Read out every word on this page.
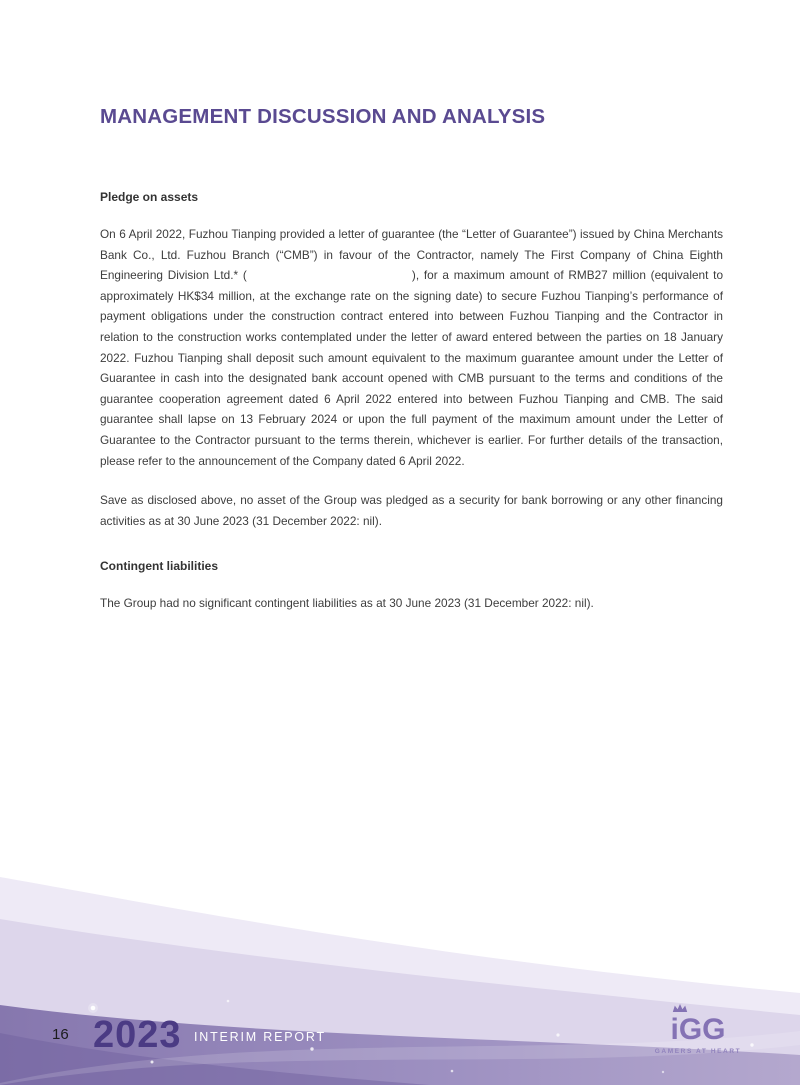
MANAGEMENT DISCUSSION AND ANALYSIS
Pledge on assets

On 6 April 2022, Fuzhou Tianping provided a letter of guarantee (the “Letter of Guarantee”) issued by China Merchants Bank Co., Ltd. Fuzhou Branch (“CMB”) in favour of the Contractor, namely The First Company of China Eighth Engineering Division Ltd.* (              ), for a maximum amount of RMB27 million (equivalent to approximately HK$34 million, at the exchange rate on the signing date) to secure Fuzhou Tianping’s performance of payment obligations under the construction contract entered into between Fuzhou Tianping and the Contractor in relation to the construction works contemplated under the letter of award entered between the parties on 18 January 2022. Fuzhou Tianping shall deposit such amount equivalent to the maximum guarantee amount under the Letter of Guarantee in cash into the designated bank account opened with CMB pursuant to the terms and conditions of the guarantee cooperation agreement dated 6 April 2022 entered into between Fuzhou Tianping and CMB. The said guarantee shall lapse on 13 February 2024 or upon the full payment of the maximum amount under the Letter of Guarantee to the Contractor pursuant to the terms therein, whichever is earlier. For further details of the transaction, please refer to the announcement of the Company dated 6 April 2022.

Save as disclosed above, no asset of the Group was pledged as a security for bank borrowing or any other financing activities as at 30 June 2023 (31 December 2022: nil).

Contingent liabilities

The Group had no significant contingent liabilities as at 30 June 2023 (31 December 2022: nil).

16 2023 INTERIM REPORT	iGG
GAMERS AT HEART
